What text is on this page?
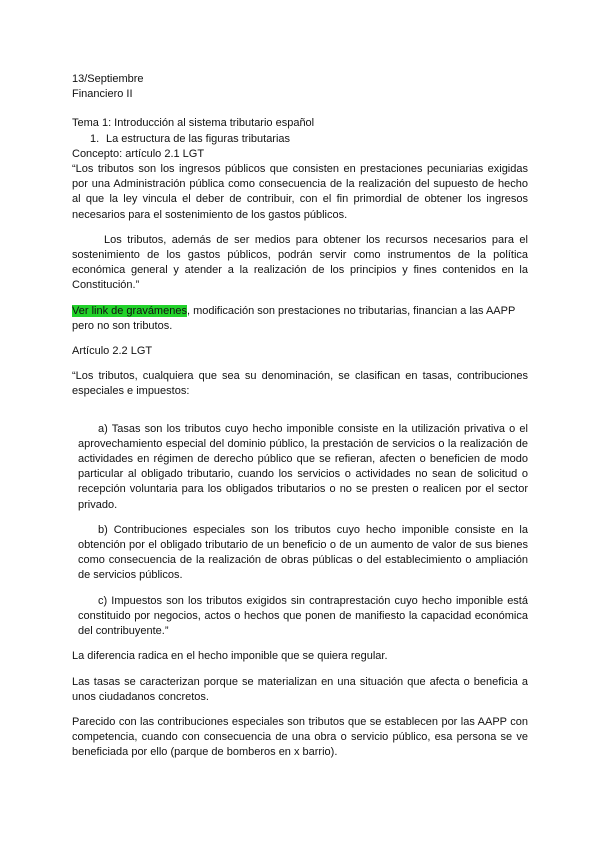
13/Septiembre

Financiero II

Tema 1: Introducción al sistema tributario español

1. La estructura de las figuras tributarias

Concepto: artículo 2.1 LGT

“Los tributos son los ingresos públicos que consisten en prestaciones pecuniarias exigidas por una Administración pública como consecuencia de la realización del supuesto de hecho al que la ley vincula el deber de contribuir, con el fin primordial de obtener los ingresos necesarios para el sostenimiento de los gastos públicos.

Los tributos, además de ser medios para obtener los recursos necesarios para el sostenimiento de los gastos públicos, podrán servir como instrumentos de la política económica general y atender a la realización de los principios y fines contenidos en la Constitución.”

Ver link de gravámenes, modificación son prestaciones no tributarias, financian a las AAPP pero no son tributos.

Artículo 2.2 LGT

“Los tributos, cualquiera que sea su denominación, se clasifican en tasas, contribuciones especiales e impuestos:

a) Tasas son los tributos cuyo hecho imponible consiste en la utilización privativa o el aprovechamiento especial del dominio público, la prestación de servicios o la realización de actividades en régimen de derecho público que se refieran, afecten o beneficien de modo particular al obligado tributario, cuando los servicios o actividades no sean de solicitud o recepción voluntaria para los obligados tributarios o no se presten o realicen por el sector privado.

b) Contribuciones especiales son los tributos cuyo hecho imponible consiste en la obtención por el obligado tributario de un beneficio o de un aumento de valor de sus bienes como consecuencia de la realización de obras públicas o del establecimiento o ampliación de servicios públicos.

c) Impuestos son los tributos exigidos sin contraprestación cuyo hecho imponible está constituido por negocios, actos o hechos que ponen de manifiesto la capacidad económica del contribuyente.”

La diferencia radica en el hecho imponible que se quiera regular.

Las tasas se caracterizan porque se materializan en una situación que afecta o beneficia a unos ciudadanos concretos.

Parecido con las contribuciones especiales son tributos que se establecen por las AAPP con competencia, cuando con consecuencia de una obra o servicio público, esa persona se ve beneficiada por ello (parque de bomberos en x barrio).
